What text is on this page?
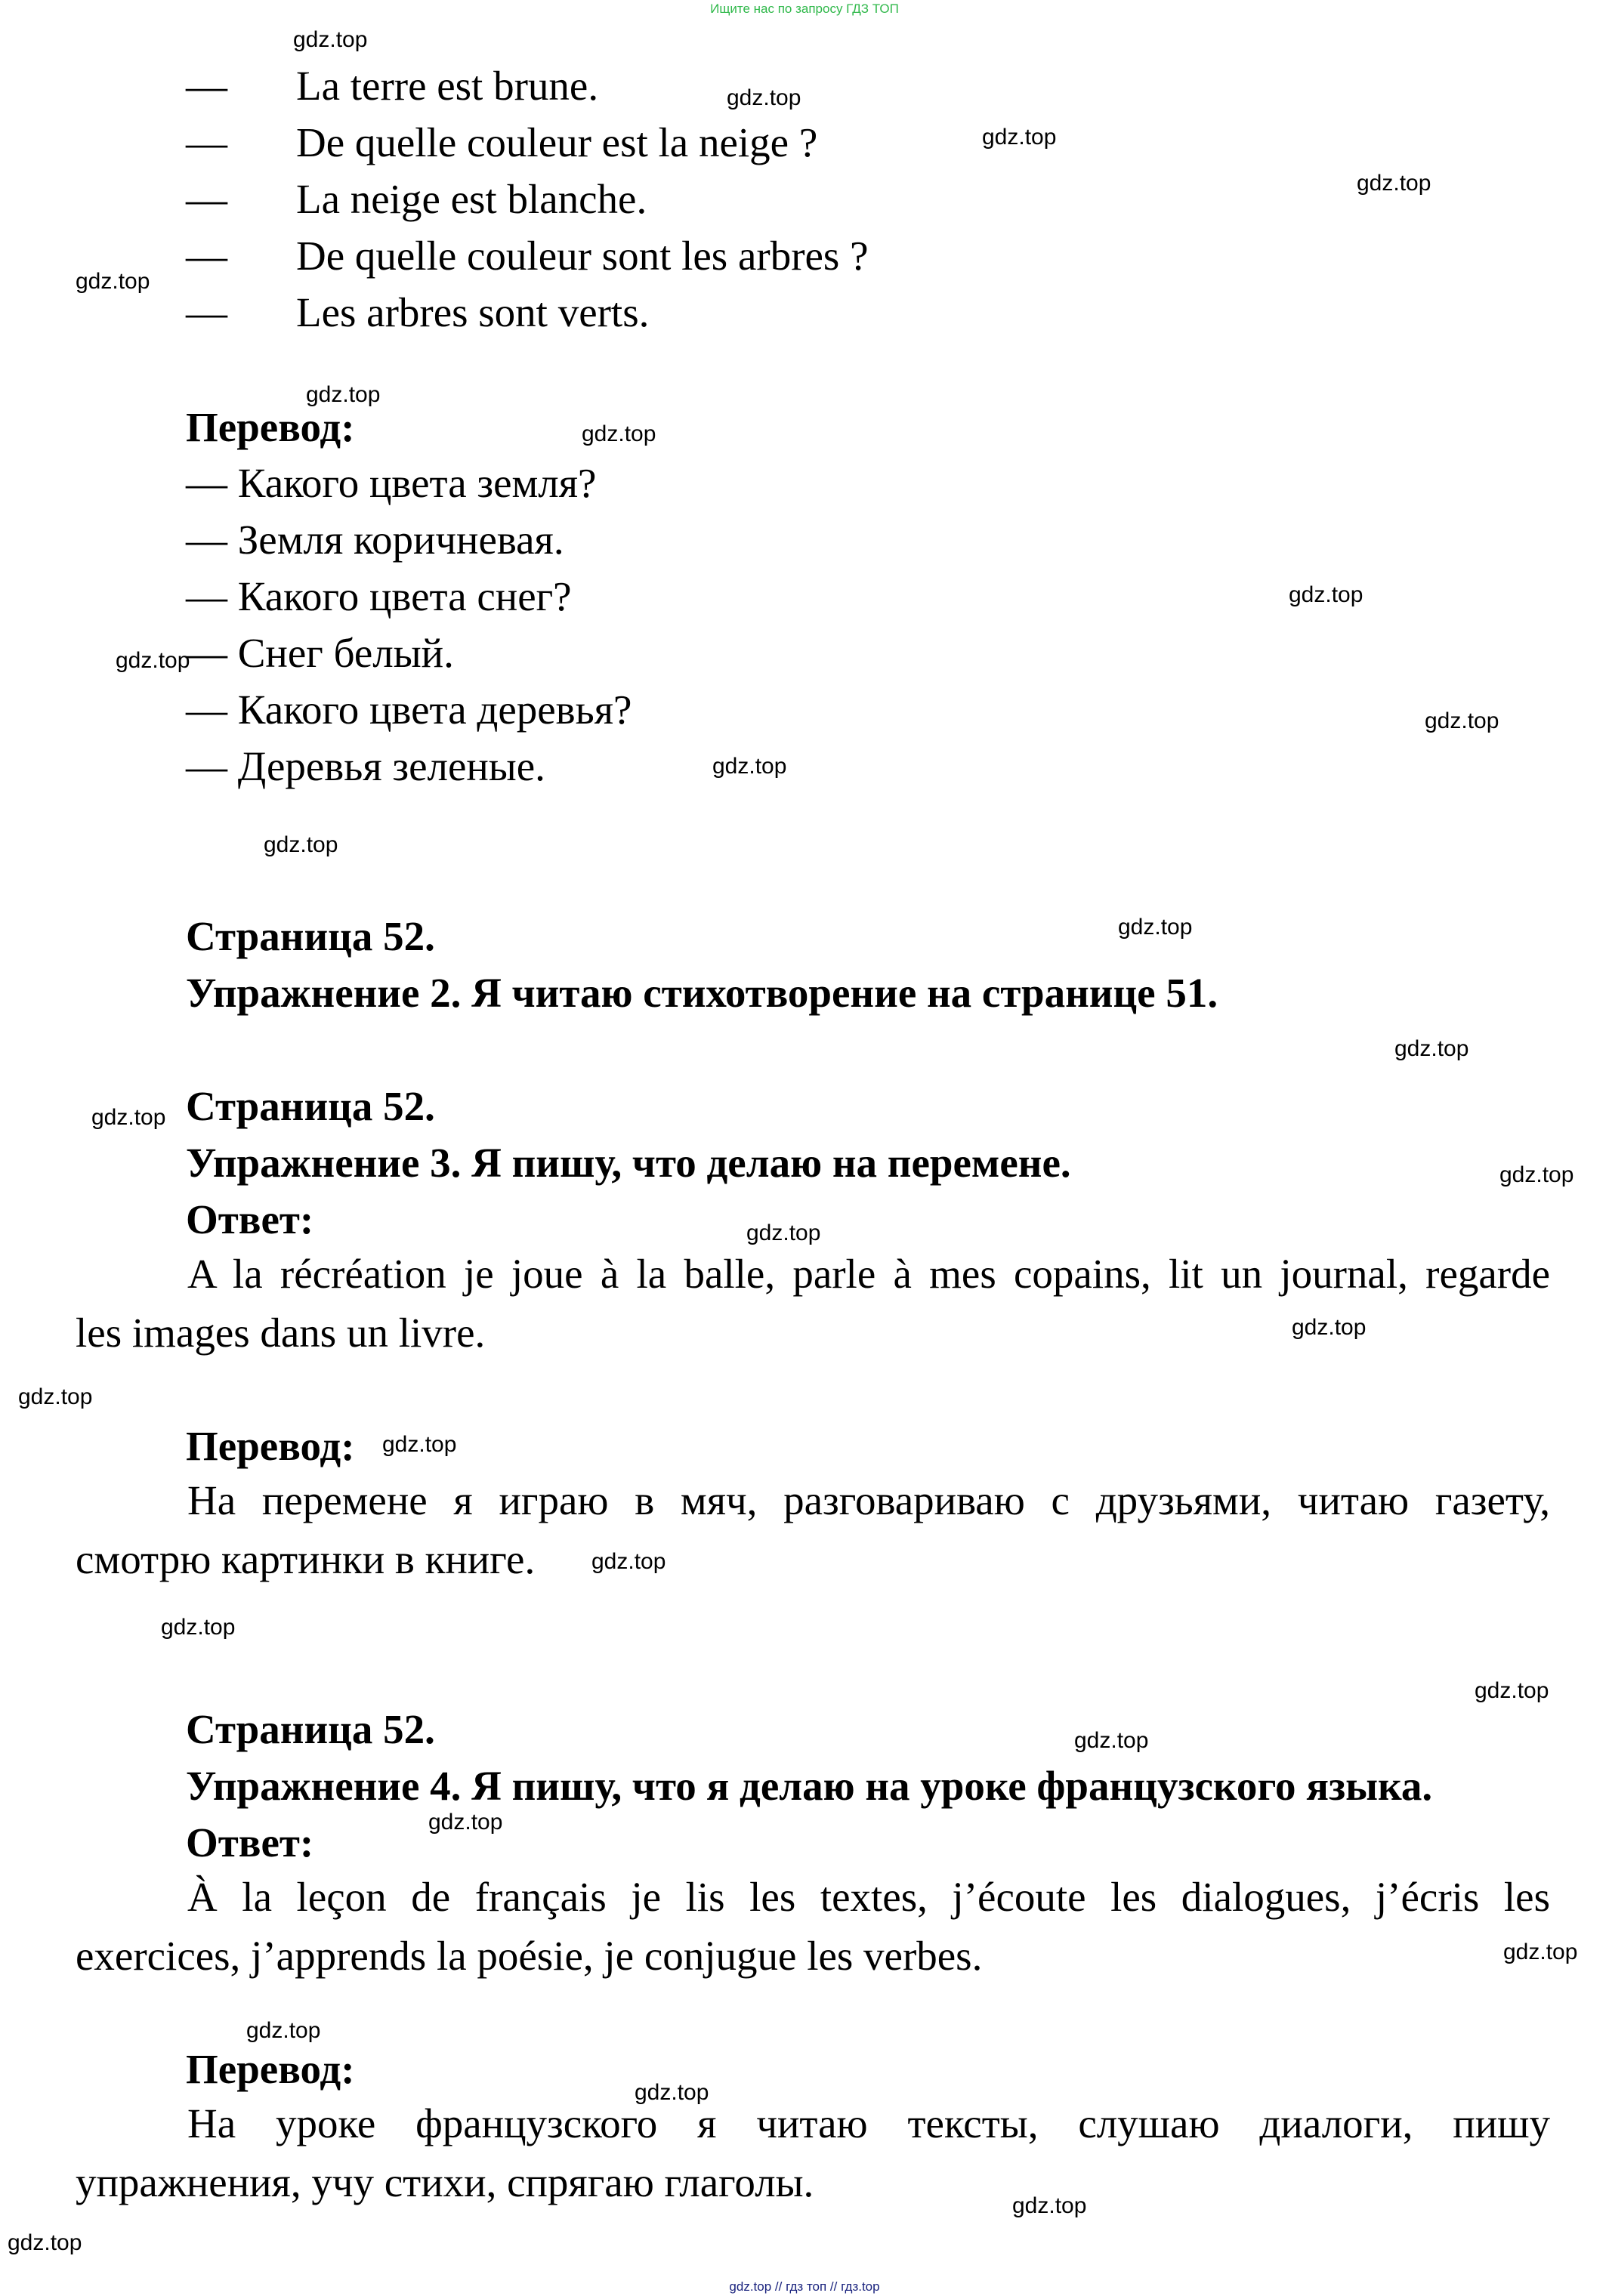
Ищите нас по запросу ГДЗ ТОП
— La terre est brune.
— De quelle couleur est la neige ?
— La neige est blanche.
— De quelle couleur sont les arbres ?
— Les arbres sont verts.
Перевод:
— Какого цвета земля?
— Земля коричневая.
— Какого цвета снег?
— Снег белый.
— Какого цвета деревья?
— Деревья зеленые.
Страница 52.
Упражнение 2. Я читаю стихотворение на странице 51.
Страница 52.
Упражнение 3. Я пишу, что делаю на перемене.
Ответ:
A la récréation je joue à la balle, parle à mes copains, lit un journal, regarde
les images dans un livre.
Перевод:
На перемене я играю в мяч, разговариваю с друзьями, читаю газету,
смотрю картинки в книге.
Страница 52.
Упражнение 4. Я пишу, что я делаю на уроке французского языка.
Ответ:
À la leçon de français je lis les textes, j’écoute les dialogues, j’écris les
exercices, j’apprends la poésie, je conjugue les verbes.
Перевод:
На уроке французского я читаю тексты, слушаю диалоги, пишу
упражнения, учу стихи, спрягаю глаголы.
gdz.top
gdz.top
gdz.top
gdz.top
gdz.top
gdz.top
gdz.top
gdz.top
gdz.top
gdz.top
gdz.top
gdz.top
gdz.top
gdz.top
gdz.top
gdz.top
gdz.top
gdz.top
gdz.top
gdz.top
gdz.top
gdz.top
gdz.top
gdz.top
gdz.top
gdz.top
gdz.top
gdz.top
gdz.top
gdz.top
gdz.top // гдз топ // гдз.top
